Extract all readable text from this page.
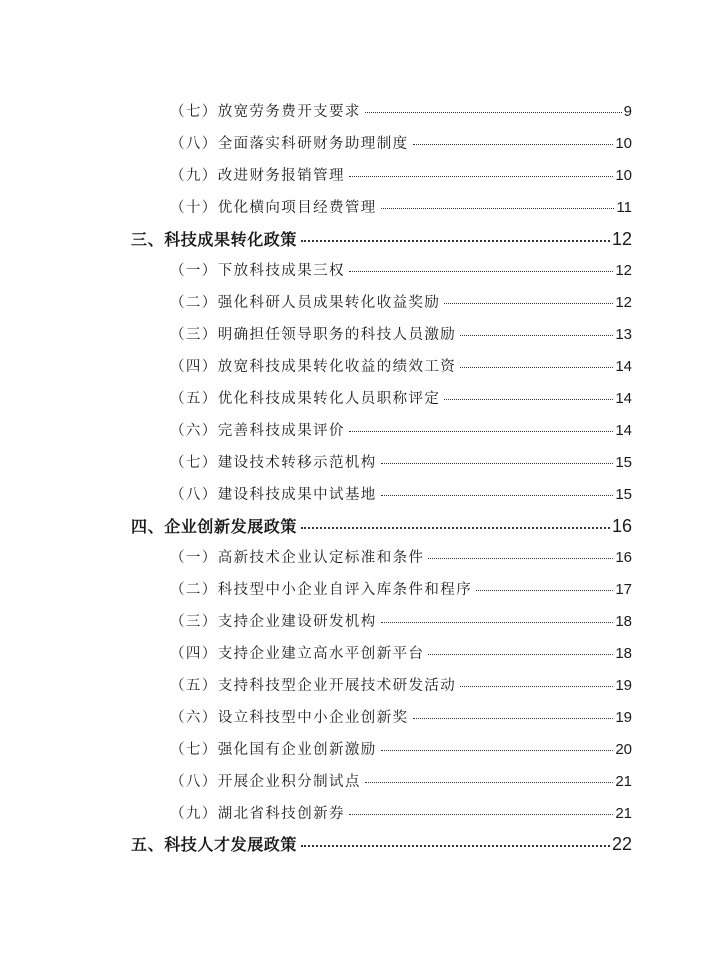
（七）放宽劳务费开支要求	9
（八）全面落实科研财务助理制度	10
（九）改进财务报销管理	10
（十）优化横向项目经费管理	11
三、科技成果转化政策	12
（一）下放科技成果三权	12
（二）强化科研人员成果转化收益奖励	12
（三）明确担任领导职务的科技人员激励	13
（四）放宽科技成果转化收益的绩效工资	14
（五）优化科技成果转化人员职称评定	14
（六）完善科技成果评价	14
（七）建设技术转移示范机构	15
（八）建设科技成果中试基地	15
四、企业创新发展政策	16
（一）高新技术企业认定标准和条件	16
（二）科技型中小企业自评入库条件和程序	17
（三）支持企业建设研发机构	18
（四）支持企业建立高水平创新平台	18
（五）支持科技型企业开展技术研发活动	19
（六）设立科技型中小企业创新奖	19
（七）强化国有企业创新激励	20
（八）开展企业积分制试点	21
（九）湖北省科技创新券	21
五、科技人才发展政策	22
